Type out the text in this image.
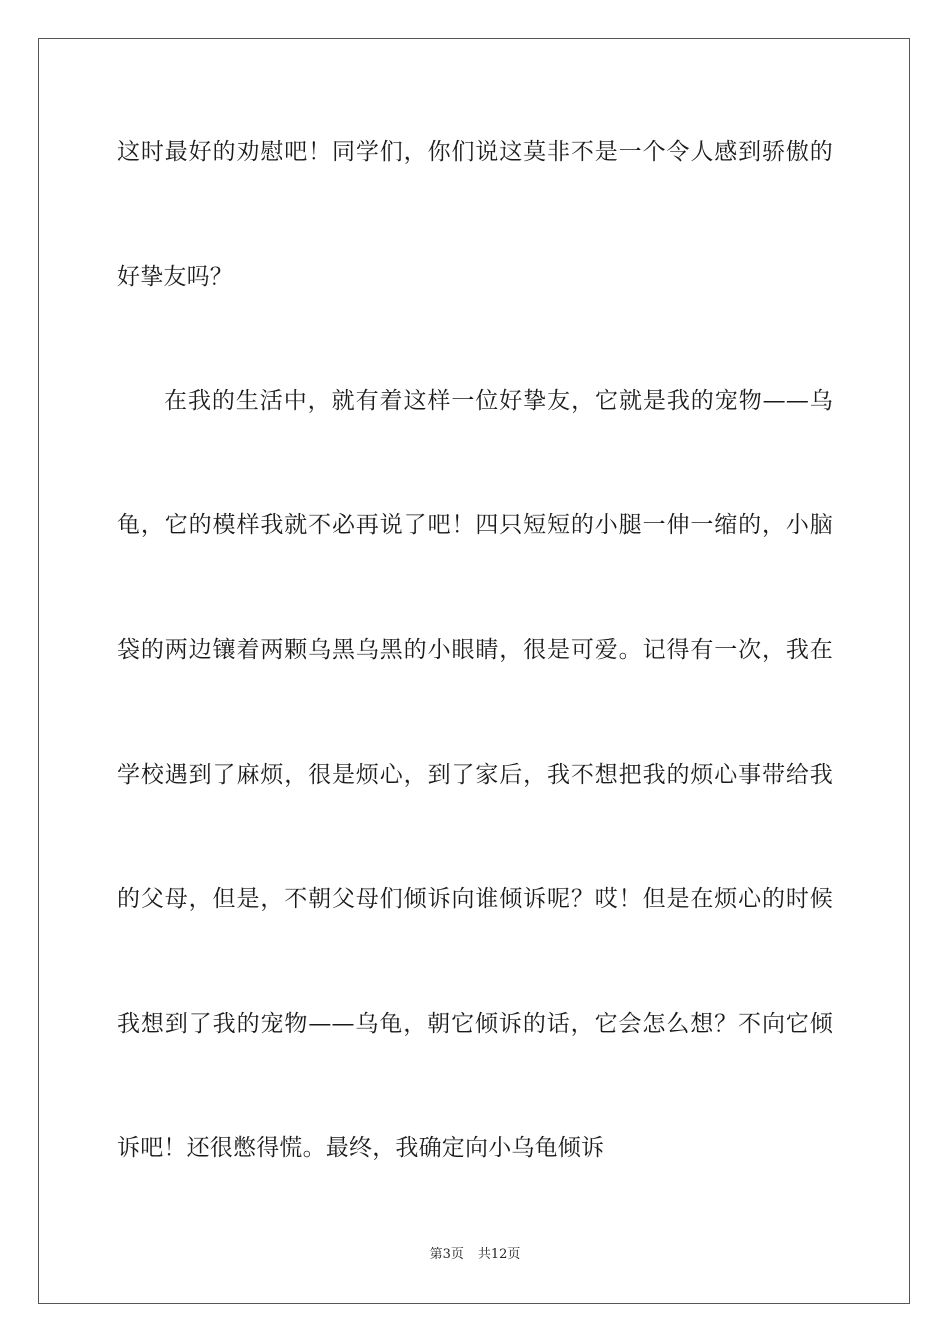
这时最好的劝慰吧！同学们，你们说这莫非不是一个令人感到骄傲的
好挚友吗？
在我的生活中，就有着这样一位好挚友，它就是我的宠物——乌
龟，它的模样我就不必再说了吧！四只短短的小腿一伸一缩的，小脑
袋的两边镶着两颗乌黑乌黑的小眼睛，很是可爱。记得有一次，我在
学校遇到了麻烦，很是烦心，到了家后，我不想把我的烦心事带给我
的父母，但是，不朝父母们倾诉向谁倾诉呢？哎！但是在烦心的时候
我想到了我的宠物——乌龟，朝它倾诉的话，它会怎么想？不向它倾
诉吧！还很憋得慌。最终，我确定向小乌龟倾诉
第3页 共12页
